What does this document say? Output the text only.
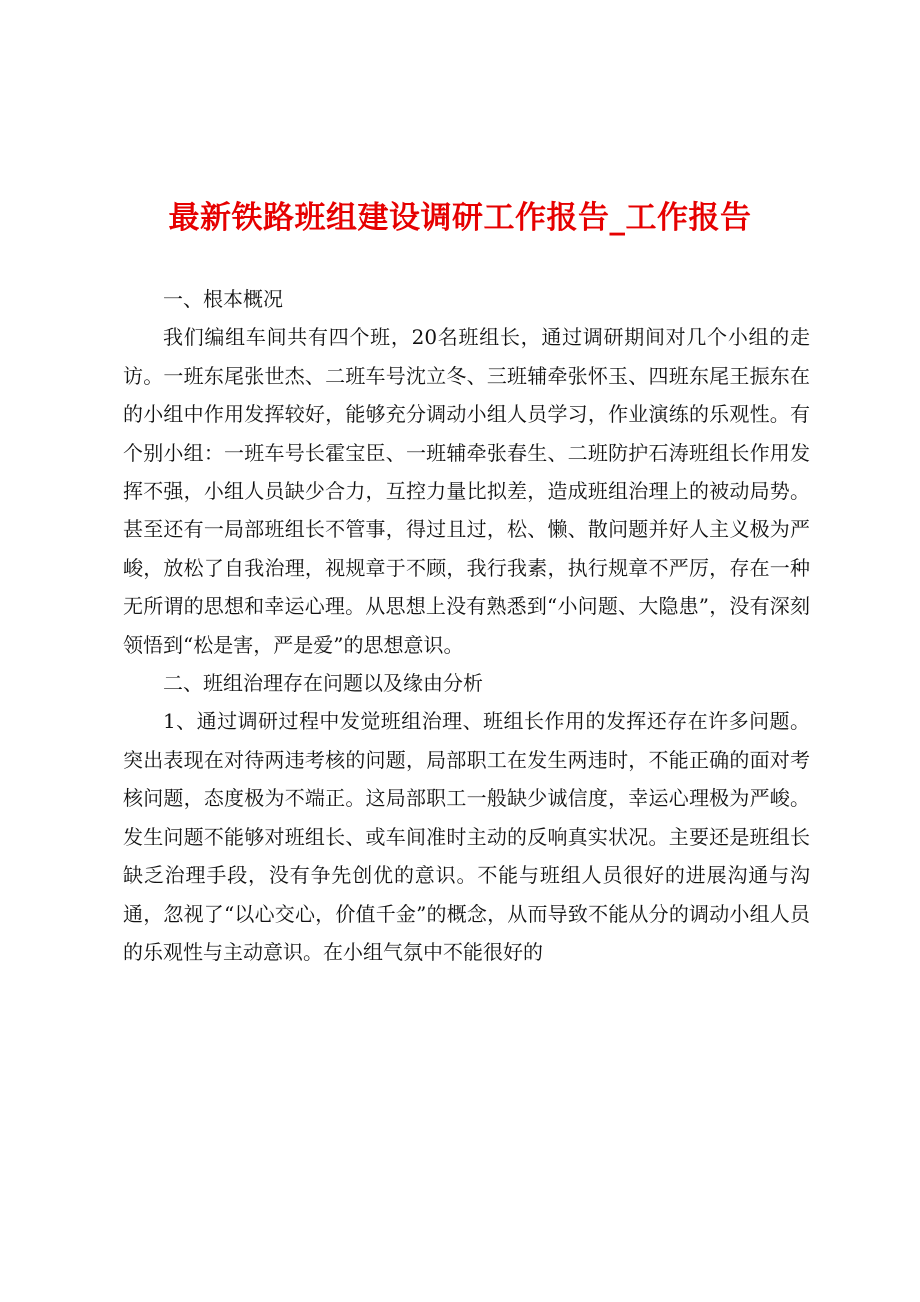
最新铁路班组建设调研工作报告_工作报告

一、根本概况

我们编组车间共有四个班，20名班组长，通过调研期间对几个小组的走访。一班东尾张世杰、二班车号沈立冬、三班辅牵张怀玉、四班东尾王振东在的小组中作用发挥较好，能够充分调动小组人员学习，作业演练的乐观性。有个别小组：一班车号长霍宝臣、一班辅牵张春生、二班防护石涛班组长作用发挥不强，小组人员缺少合力，互控力量比拟差，造成班组治理上的被动局势。甚至还有一局部班组长不管事，得过且过，松、懒、散问题并好人主义极为严峻，放松了自我治理，视规章于不顾，我行我素，执行规章不严厉，存在一种无所谓的思想和幸运心理。从思想上没有熟悉到“小问题、大隐患”，没有深刻领悟到“松是害，严是爱”的思想意识。

二、班组治理存在问题以及缘由分析

1、通过调研过程中发觉班组治理、班组长作用的发挥还存在许多问题。突出表现在对待两违考核的问题，局部职工在发生两违时，不能正确的面对考核问题，态度极为不端正。这局部职工一般缺少诚信度，幸运心理极为严峻。发生问题不能够对班组长、或车间准时主动的反响真实状况。主要还是班组长缺乏治理手段，没有争先创优的意识。不能与班组人员很好的进展沟通与沟通，忽视了“以心交心，价值千金”的概念，从而导致不能从分的调动小组人员的乐观性与主动意识。在小组气氛中不能很好的
